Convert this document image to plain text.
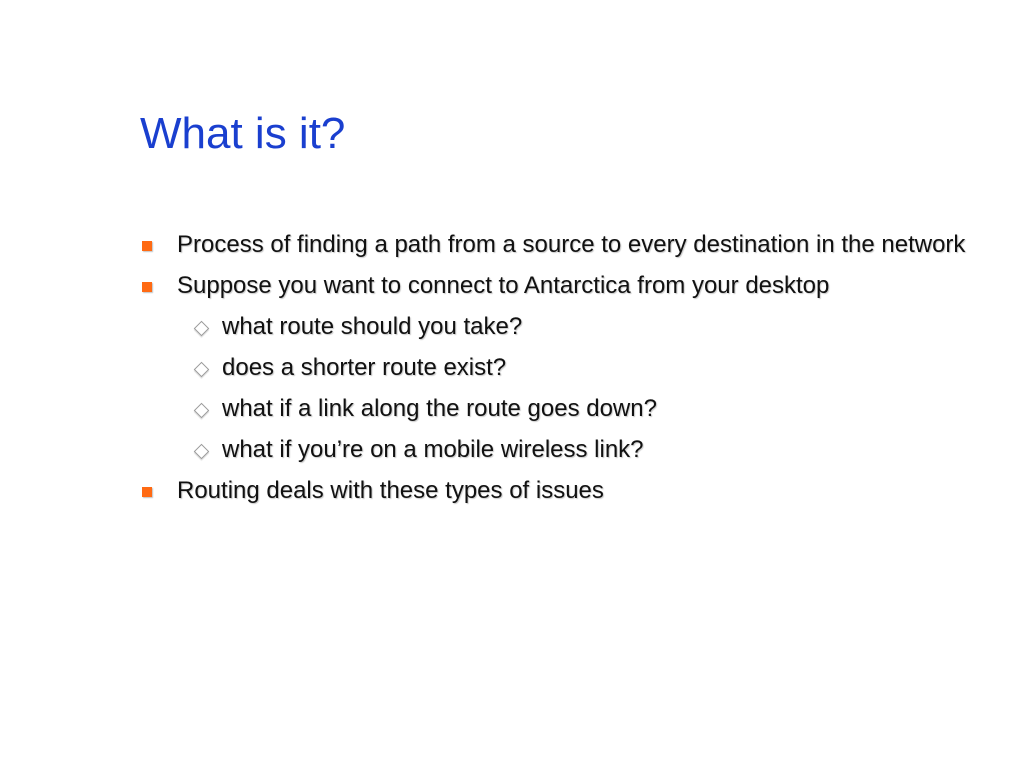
What is it?
Process of finding a path from a source to every destination in the network
Suppose you want to connect to Antarctica from your desktop
what route should you take?
does a shorter route exist?
what if a link along the route goes down?
what if you’re on a mobile wireless link?
Routing deals with these types of issues
